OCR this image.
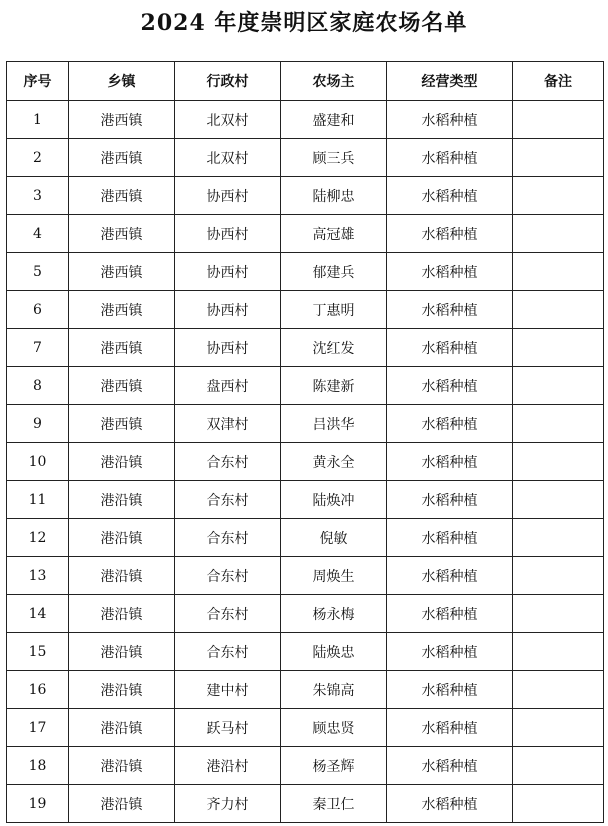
2024 年度崇明区家庭农场名单
序号	乡镇	行政村	农场主	经营类型	备注
1	港西镇	北双村	盛建和	水稻种植	
2	港西镇	北双村	顾三兵	水稻种植	
3	港西镇	协西村	陆柳忠	水稻种植	
4	港西镇	协西村	高冠雄	水稻种植	
5	港西镇	协西村	郁建兵	水稻种植	
6	港西镇	协西村	丁惠明	水稻种植	
7	港西镇	协西村	沈红发	水稻种植	
8	港西镇	盘西村	陈建新	水稻种植	
9	港西镇	双津村	吕洪华	水稻种植	
10	港沿镇	合东村	黄永全	水稻种植	
11	港沿镇	合东村	陆焕冲	水稻种植	
12	港沿镇	合东村	倪敏	水稻种植	
13	港沿镇	合东村	周焕生	水稻种植	
14	港沿镇	合东村	杨永梅	水稻种植	
15	港沿镇	合东村	陆焕忠	水稻种植	
16	港沿镇	建中村	朱锦高	水稻种植	
17	港沿镇	跃马村	顾忠贤	水稻种植	
18	港沿镇	港沿村	杨圣辉	水稻种植	
19	港沿镇	齐力村	秦卫仁	水稻种植	
